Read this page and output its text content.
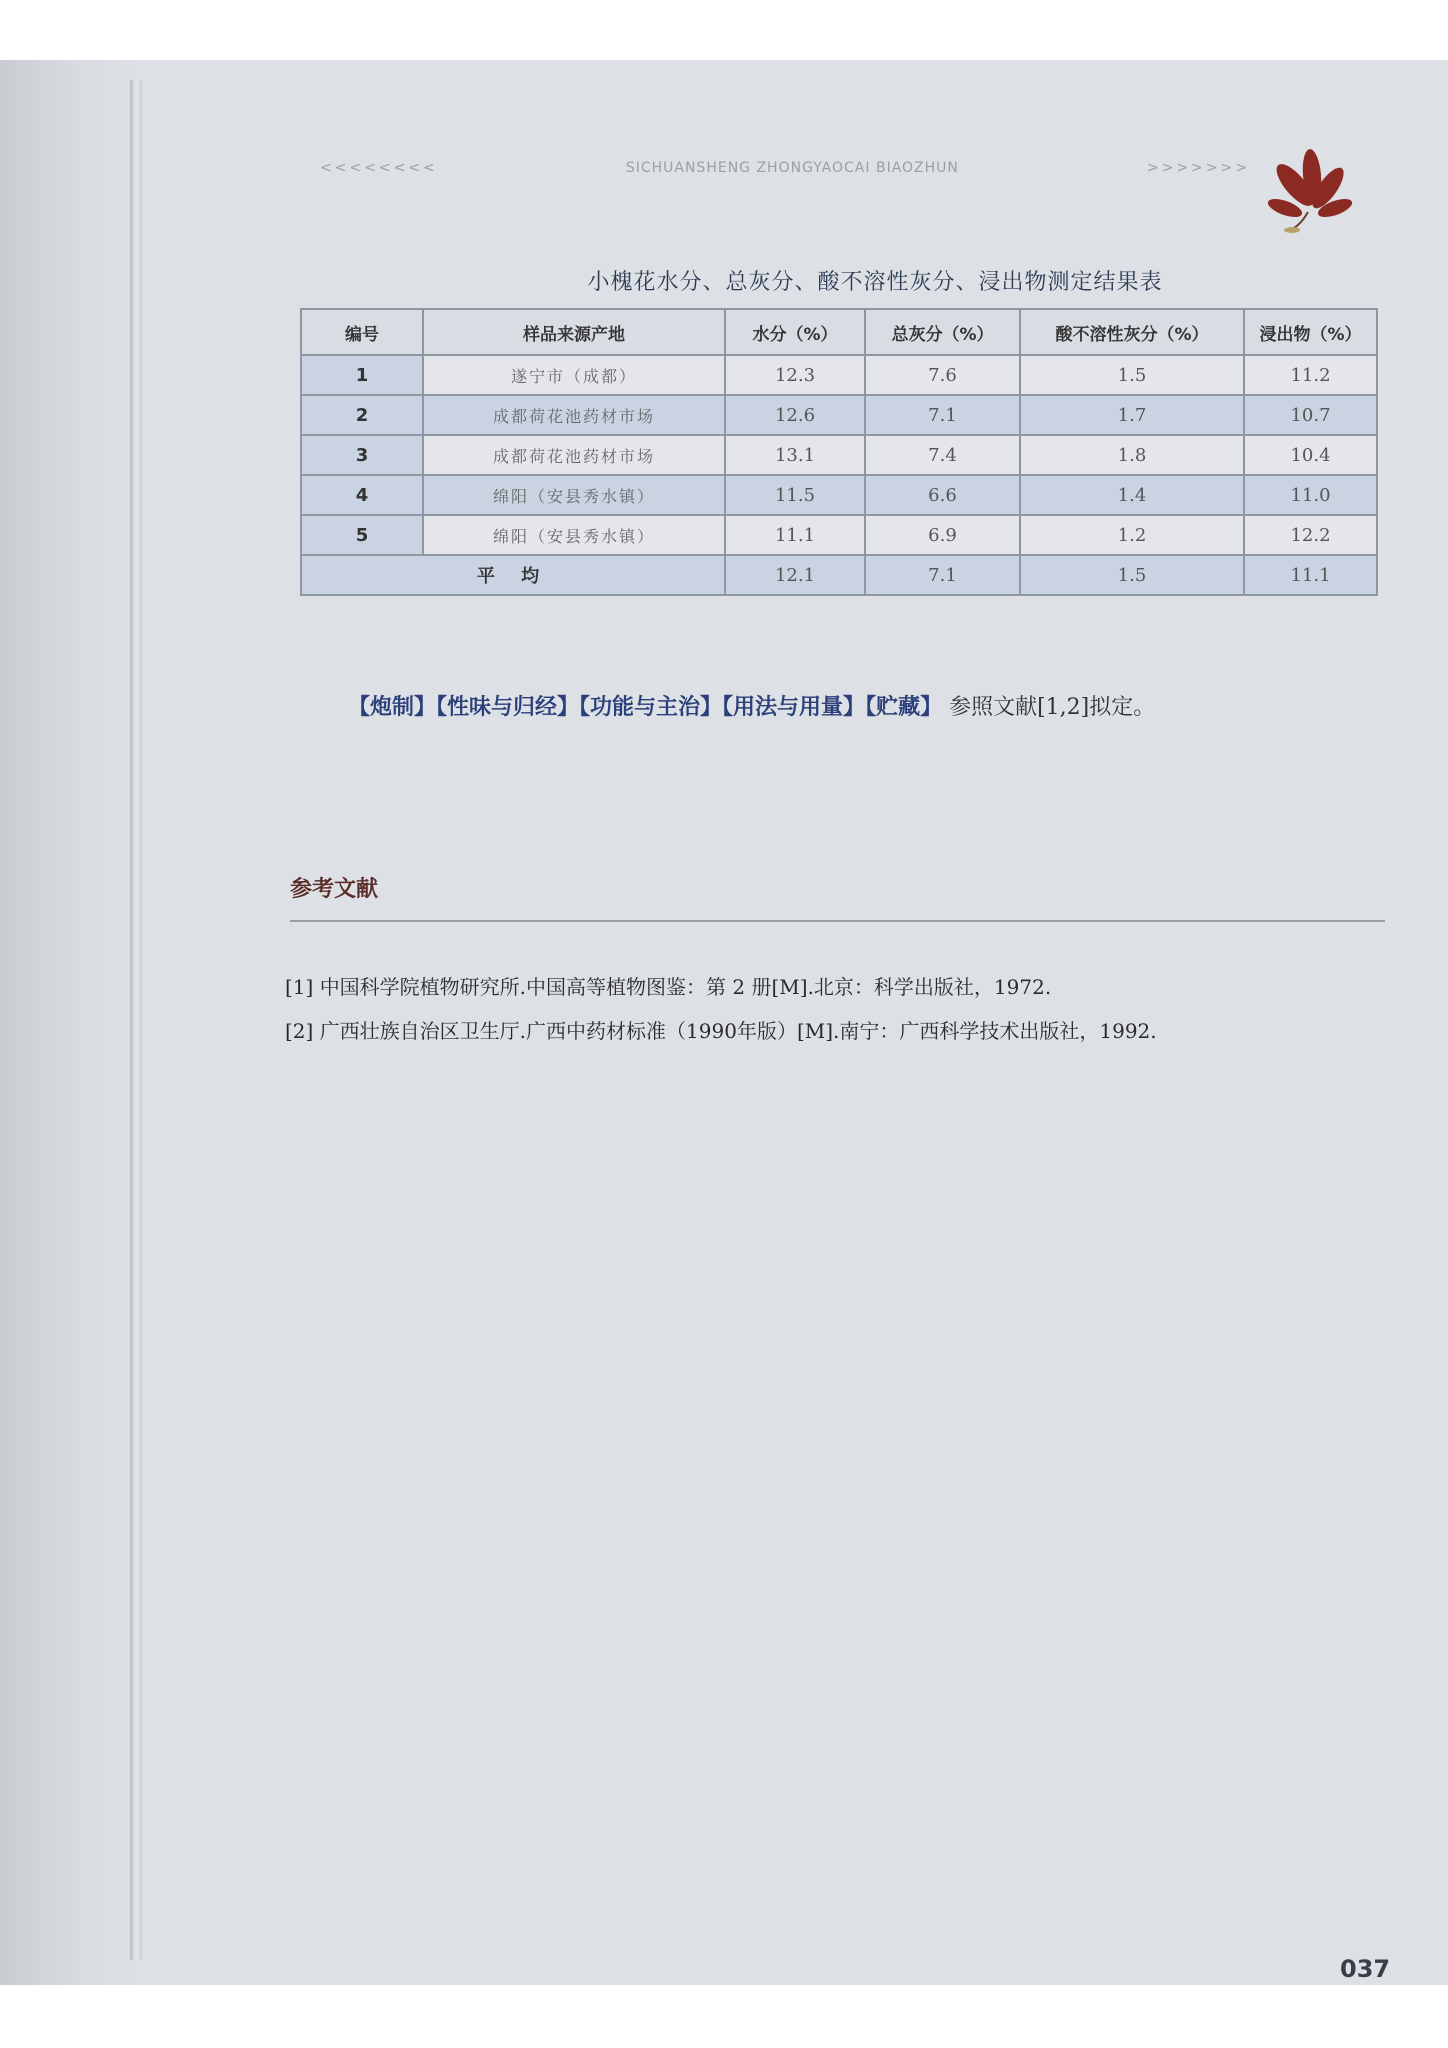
<<<<<<<<	SICHUANSHENG ZHONGYAOCAI BIAOZHUN	>>>>>>>
小槐花水分、总灰分、酸不溶性灰分、浸出物测定结果表
编号	样品来源产地	水分（%）	总灰分（%）	酸不溶性灰分（%）	浸出物（%）
1	遂宁市（成都）	12.3	7.6	1.5	11.2
2	成都荷花池药材市场	12.6	7.1	1.7	10.7
3	成都荷花池药材市场	13.1	7.4	1.8	10.4
4	绵阳（安县秀水镇）	11.5	6.6	1.4	11.0
5	绵阳（安县秀水镇）	11.1	6.9	1.2	12.2
平 均		12.1	7.1	1.5	11.1
【炮制】【性味与归经】【功能与主治】【用法与用量】【贮藏】 参照文献[1,2]拟定。
参考文献
[1] 中国科学院植物研究所.中国高等植物图鉴：第 2 册[M].北京：科学出版社，1972.
[2] 广西壮族自治区卫生厅.广西中药材标准（1990年版）[M].南宁：广西科学技术出版社，1992.
037
